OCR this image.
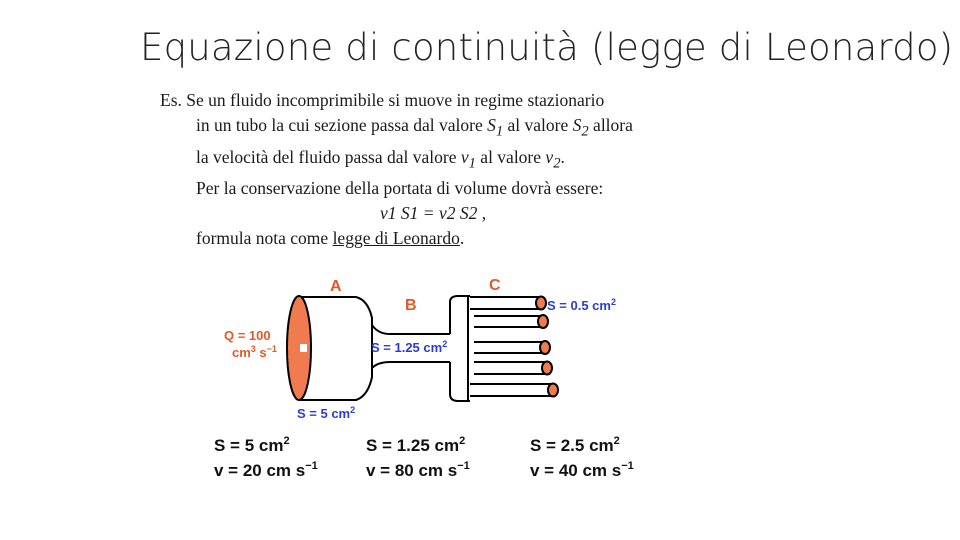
Equazione di continuità (legge di Leonardo)
Es. Se un fluido incomprimibile si muove in regime stazionario
in un tubo la cui sezione passa dal valore $S_1$ al valore $S_2$ allora
la velocità del fluido passa dal valore $v_1$ al valore $v_2$.
Per la conservazione della portata di volume dovrà essere:
v1 S1 = v2 S2 ,
formula nota come legge di Leonardo.
A
B
C
Q = 100
$cm^3$ $s^{-1}$
S = 0.5 $cm^2$
S = 1.25 $cm^2$
S = 5 $cm^2$
S = 5 $cm^2$
v = 20 cm $s^{-1}$
S = 1.25 $cm^2$
v = 80 cm $s^{-1}$
S = 2.5 $cm^2$
v = 40 cm $s^{-1}$
